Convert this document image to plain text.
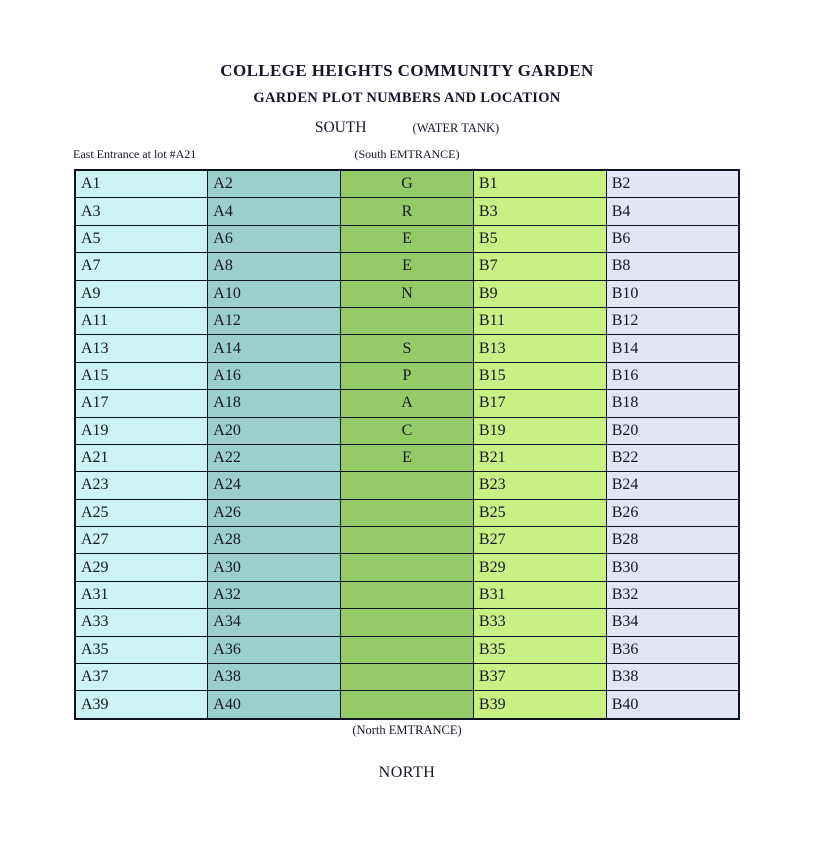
COLLEGE HEIGHTS COMMUNITY GARDEN
GARDEN PLOT NUMBERS AND LOCATION
SOUTH	(WATER TANK)
East Entrance at lot #A21	(South EMTRANCE)
A1	A2	G	B1	B2
A3	A4	R	B3	B4
A5	A6	E	B5	B6
A7	A8	E	B7	B8
A9	A10	N	B9	B10
A11	A12		B11	B12
A13	A14	S	B13	B14
A15	A16	P	B15	B16
A17	A18	A	B17	B18
A19	A20	C	B19	B20
A21	A22	E	B21	B22
A23	A24		B23	B24
A25	A26		B25	B26
A27	A28		B27	B28
A29	A30		B29	B30
A31	A32		B31	B32
A33	A34		B33	B34
A35	A36		B35	B36
A37	A38		B37	B38
A39	A40		B39	B40
(North EMTRANCE)
NORTH
